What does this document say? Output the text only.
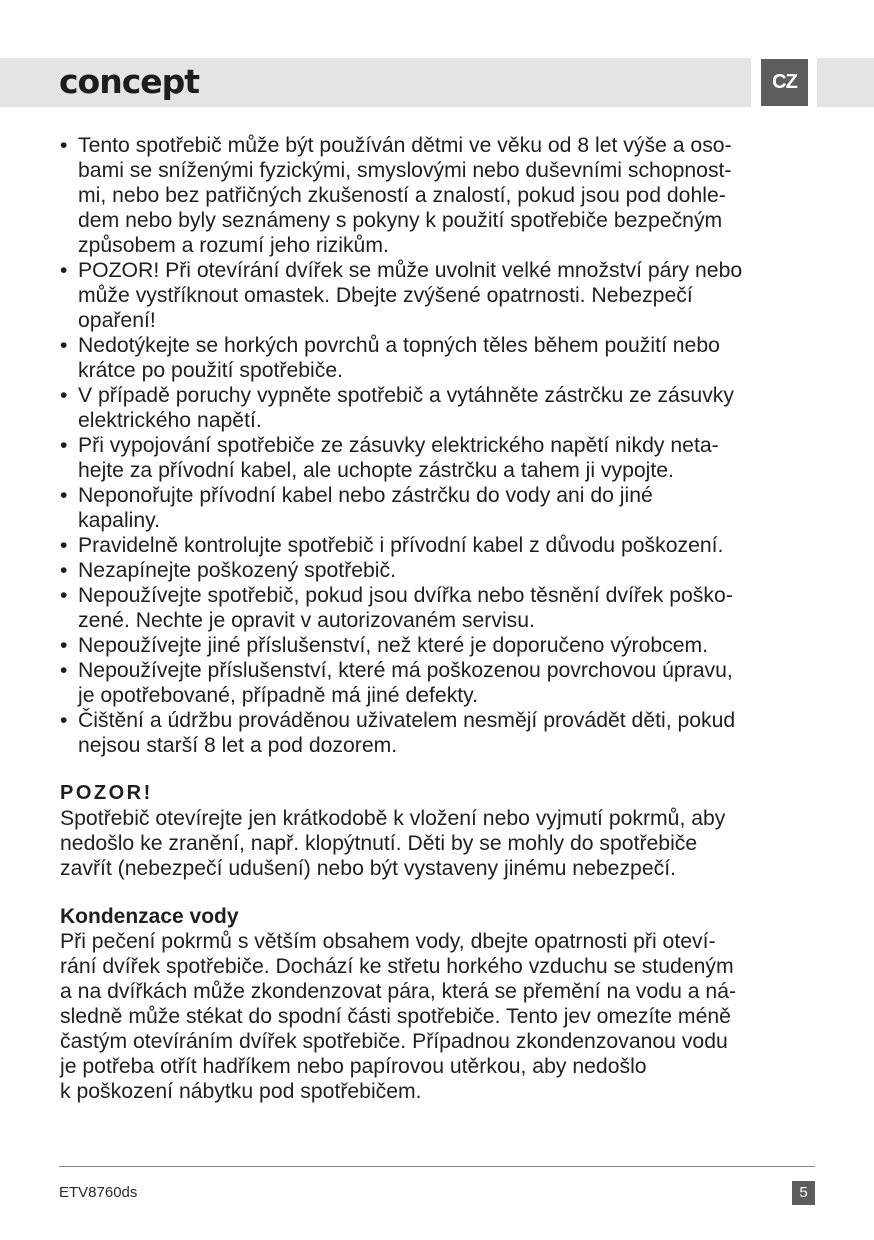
concept	CZ
• Tento spotřebič může být používán dětmi ve věku od 8 let výše a oso-
bami se sníženými fyzickými, smyslovými nebo duševními schopnost-
mi, nebo bez patřičných zkušeností a znalostí, pokud jsou pod dohle-
dem nebo byly seznámeny s pokyny k použití spotřebiče bezpečným
způsobem a rozumí jeho rizikům.
• POZOR! Při otevírání dvířek se může uvolnit velké množství páry nebo
může vystříknout omastek. Dbejte zvýšené opatrnosti. Nebezpečí
opaření!
• Nedotýkejte se horkých povrchů a topných těles během použití nebo
krátce po použití spotřebiče.
• V případě poruchy vypněte spotřebič a vytáhněte zástrčku ze zásuvky
elektrického napětí.
• Při vypojování spotřebiče ze zásuvky elektrického napětí nikdy neta-
hejte za přívodní kabel, ale uchopte zástrčku a tahem ji vypojte.
• Neponořujte přívodní kabel nebo zástrčku do vody ani do jiné
kapaliny.
• Pravidelně kontrolujte spotřebič i přívodní kabel z důvodu poškození.
• Nezapínejte poškozený spotřebič.
• Nepoužívejte spotřebič, pokud jsou dvířka nebo těsnění dvířek poško-
zené. Nechte je opravit v autorizovaném servisu.
• Nepoužívejte jiné příslušenství, než které je doporučeno výrobcem.
• Nepoužívejte příslušenství, které má poškozenou povrchovou úpravu,
je opotřebované, případně má jiné defekty.
• Čištění a údržbu prováděnou uživatelem nesmějí provádět děti, pokud
nejsou starší 8 let a pod dozorem.
POZOR!

Spotřebič otevírejte jen krátkodobě k vložení nebo vyjmutí pokrmů, aby
nedošlo ke zranění, např. klopýtnutí. Děti by se mohly do spotřebiče
zavřít (nebezpečí udušení) nebo být vystaveny jinému nebezpečí.

Kondenzace vody

Při pečení pokrmů s větším obsahem vody, dbejte opatrnosti při oteví-
rání dvířek spotřebiče. Dochází ke střetu horkého vzduchu se studeným
a na dvířkách může zkondenzovat pára, která se přemění na vodu a ná-
sledně může stékat do spodní části spotřebiče. Tento jev omezíte méně
častým otevíráním dvířek spotřebiče. Případnou zkondenzovanou vodu
je potřeba otřít hadříkem nebo papírovou utěrkou, aby nedošlo
k poškození nábytku pod spotřebičem.

ETV8760ds	5
